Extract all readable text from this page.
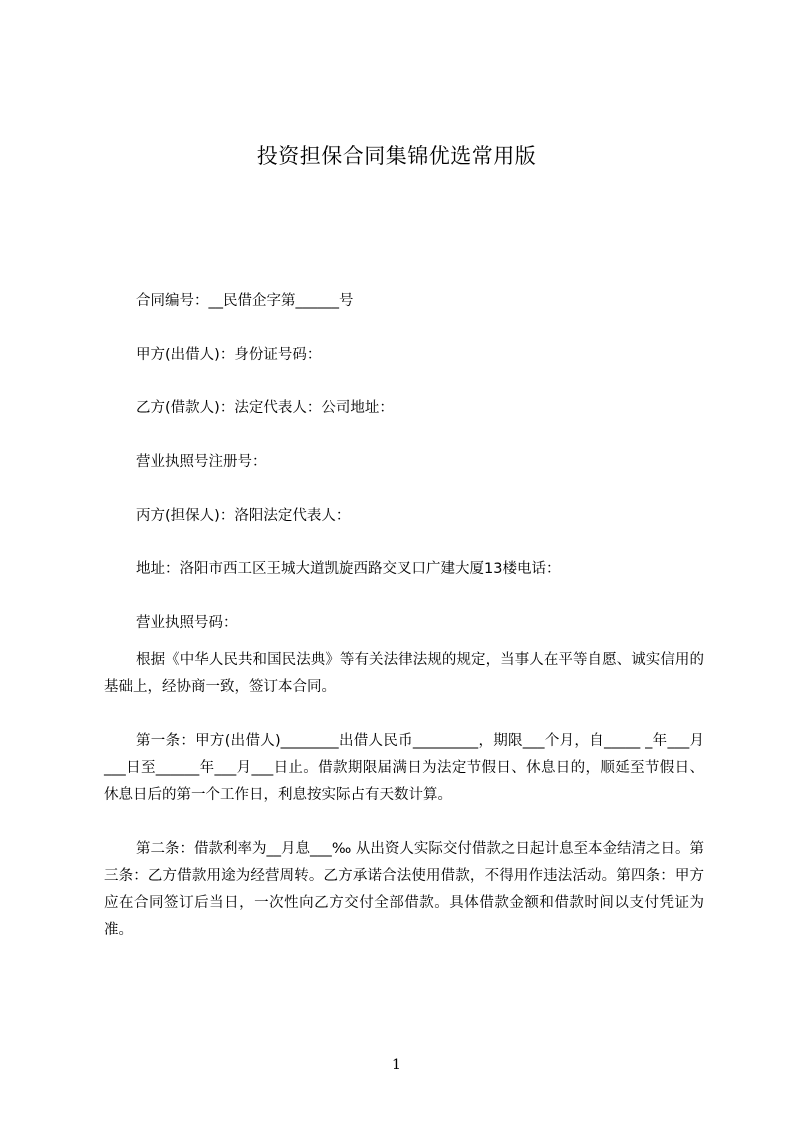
投资担保合同集锦优选常用版
合同编号：__民借企字第______号
甲方(出借人)：身份证号码：
乙方(借款人)：法定代表人：公司地址：
营业执照号注册号：
丙方(担保人)：洛阳法定代表人：
地址：洛阳市西工区王城大道凯旋西路交叉口广建大厦13楼电话：
营业执照号码：

根据《中华人民共和国民法典》等有关法律法规的规定，当事人在平等自愿、诚实信用的基础上，经协商一致，签订本合同。

第一条：甲方(出借人)________出借人民币_________，期限___个月，自_____ _年___月___日至______年___月___日止。借款期限届满日为法定节假日、休息日的，顺延至节假日、休息日后的第一个工作日，利息按实际占有天数计算。

第二条：借款利率为__月息___‰ 从出资人实际交付借款之日起计息至本金结清之日。第三条：乙方借款用途为经营周转。乙方承诺合法使用借款，不得用作违法活动。第四条：甲方应在合同签订后当日，一次性向乙方交付全部借款。具体借款金额和借款时间以支付凭证为准。

1
